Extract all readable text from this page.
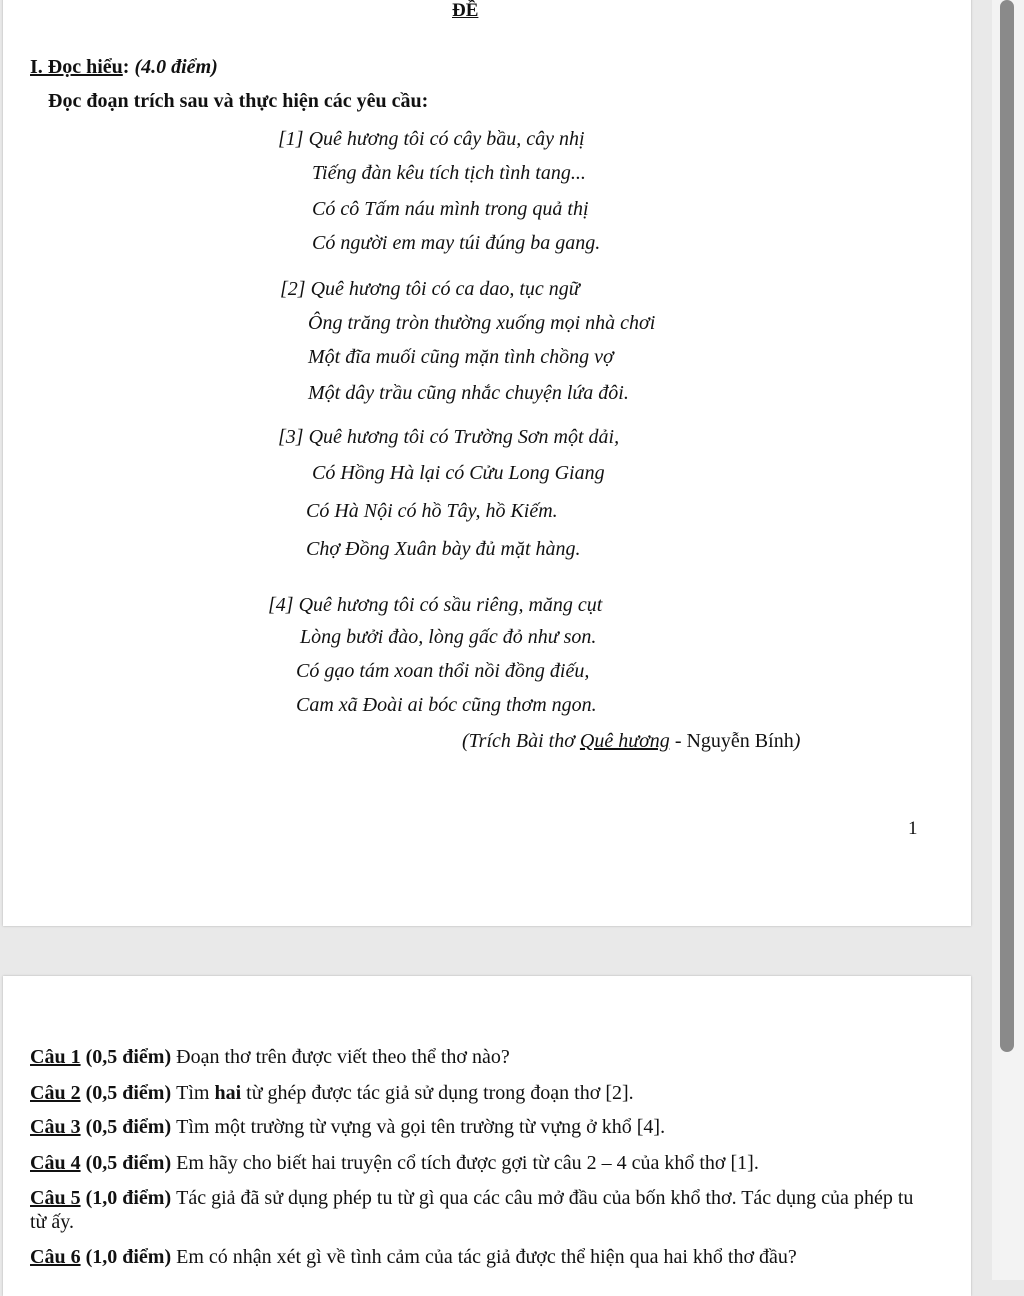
ĐỀ
I. Đọc hiểu: (4.0 điểm)
Đọc đoạn trích sau và thực hiện các yêu cầu:
[1] Quê hương tôi có cây bầu, cây nhị
Tiếng đàn kêu tích tịch tình tang...
Có cô Tấm náu mình trong quả thị
Có người em may túi đúng ba gang.
[2] Quê hương tôi có ca dao, tục ngữ
Ông trăng tròn thường xuống mọi nhà chơi
Một đĩa muối cũng mặn tình chồng vợ
Một dây trầu cũng nhắc chuyện lứa đôi.
[3] Quê hương tôi có Trường Sơn một dải,
Có Hồng Hà lại có Cửu Long Giang
Có Hà Nội có hồ Tây, hồ Kiếm.
Chợ Đồng Xuân bày đủ mặt hàng.
[4] Quê hương tôi có sầu riêng, măng cụt
Lòng bưởi đào, lòng gấc đỏ như son.
Có gạo tám xoan thổi nồi đồng điếu,
Cam xã Đoài ai bóc cũng thơm ngon.
(Trích Bài thơ Quê hương - Nguyễn Bính)
1
Câu 1 (0,5 điểm) Đoạn thơ trên được viết theo thể thơ nào?
Câu 2 (0,5 điểm) Tìm hai từ ghép được tác giả sử dụng trong đoạn thơ [2].
Câu 3 (0,5 điểm) Tìm một trường từ vựng và gọi tên trường từ vựng ở khổ [4].
Câu 4 (0,5 điểm) Em hãy cho biết hai truyện cổ tích được gợi từ câu 2 – 4 của khổ thơ [1].
Câu 5 (1,0 điểm) Tác giả đã sử dụng phép tu từ gì qua các câu mở đầu của bốn khổ thơ. Tác dụng của phép tu từ ấy.
Câu 6 (1,0 điểm) Em có nhận xét gì về tình cảm của tác giả được thể hiện qua hai khổ thơ đầu?
